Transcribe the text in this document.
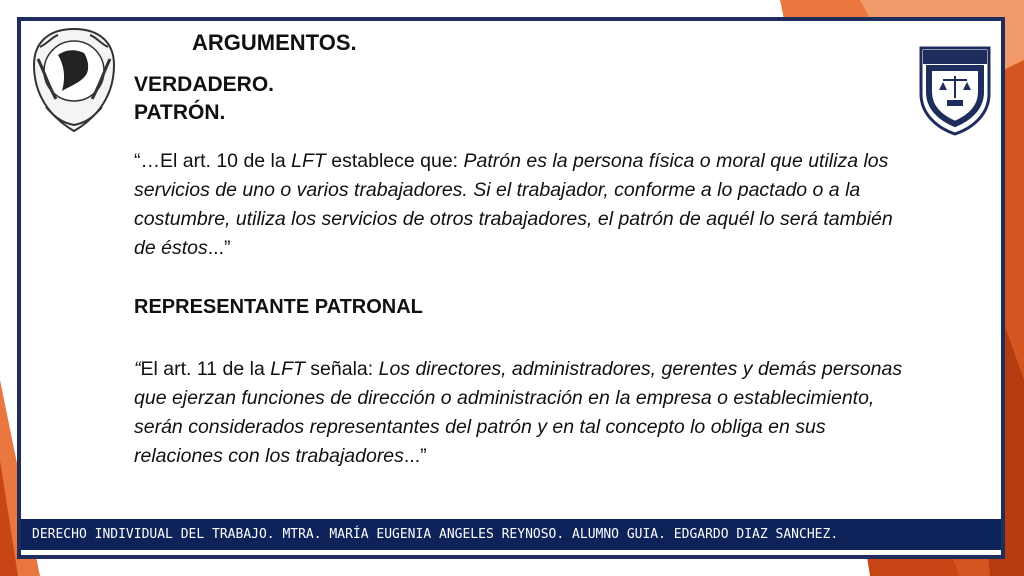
ARGUMENTOS.
VERDADERO.
PATRÓN.
“…El art. 10 de la LFT establece que: Patrón es la persona física o moral que utiliza los servicios de uno o varios trabajadores. Si el trabajador, conforme a lo pactado o a la costumbre, utiliza los servicios de otros trabajadores, el patrón de aquél lo será también de éstos...”
REPRESENTANTE PATRONAL
“El art. 11 de la LFT señala: Los directores, administradores, gerentes y demás personas que ejerzan funciones de dirección o administración en la empresa o establecimiento, serán considerados representantes del patrón y en tal concepto lo obliga en sus relaciones con los trabajadores...”
DERECHO INDIVIDUAL DEL TRABAJO. MTRA. MARÍA EUGENIA ANGELES REYNOSO. ALUMNO GUIA. EDGARDO DIAZ SANCHEZ.
